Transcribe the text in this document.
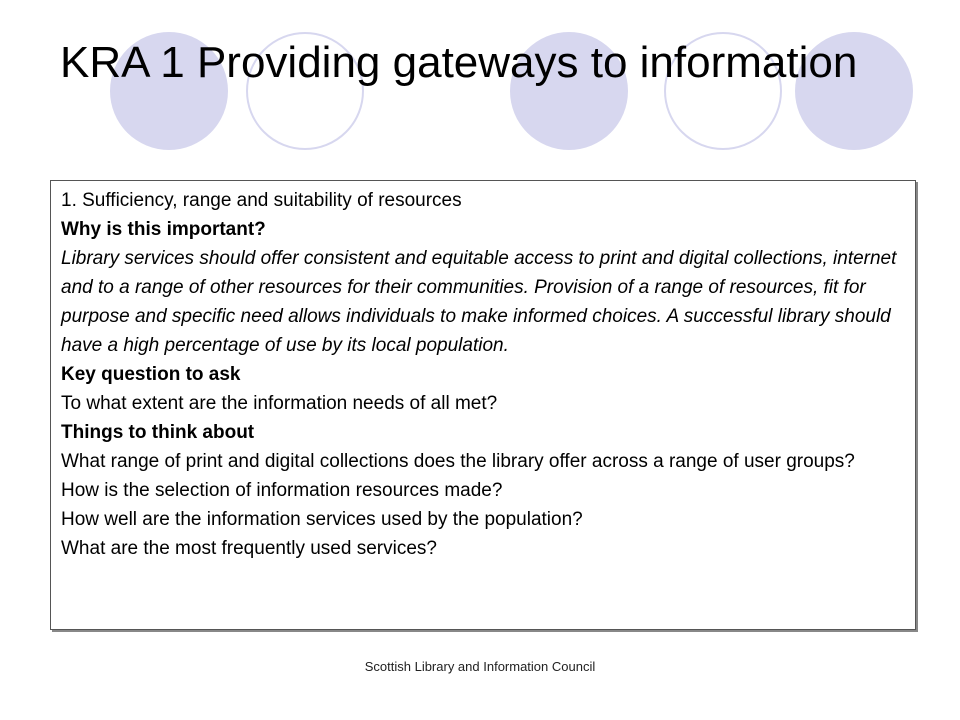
KRA 1 Providing gateways to information

1. Sufficiency, range and suitability of resources

Why is this important?

Library services should offer consistent and equitable access to print and digital collections, internet and to a range of other resources for their communities. Provision of a range of resources, fit for purpose and specific need allows individuals to make informed choices. A successful library should have a high percentage of use by its local population.

Key question to ask

To what extent are the information needs of all met?

Things to think about

What range of print and digital collections does the library offer across a range of user groups?

How is the selection of information resources made?

How well are the information services used by the population?

What are the most frequently used services?

Scottish Library and Information Council
